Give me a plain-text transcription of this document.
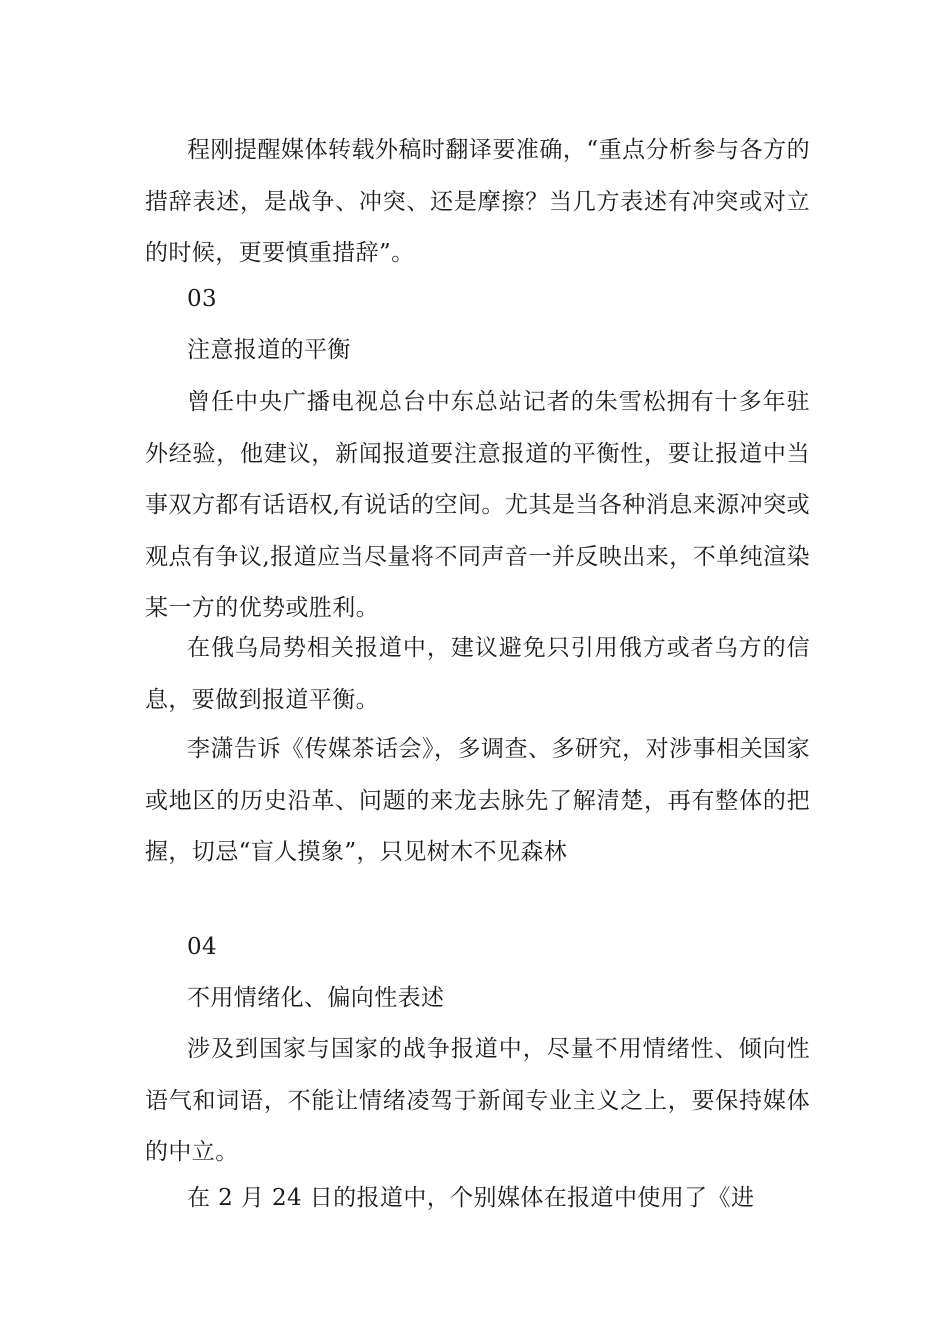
程刚提醒媒体转载外稿时翻译要准确，“重点分析参与各方的措辞表述，是战争、冲突、还是摩擦？当几方表述有冲突或对立的时候，更要慎重措辞”。

03

注意报道的平衡

曾任中央广播电视总台中东总站记者的朱雪松拥有十多年驻外经验，他建议，新闻报道要注意报道的平衡性，要让报道中当事双方都有话语权,有说话的空间。尤其是当各种消息来源冲突或观点有争议,报道应当尽量将不同声音一并反映出来，不单纯渲染某一方的优势或胜利。

在俄乌局势相关报道中，建议避免只引用俄方或者乌方的信息，要做到报道平衡。

李潇告诉《传媒茶话会》，多调查、多研究，对涉事相关国家或地区的历史沿革、问题的来龙去脉先了解清楚，再有整体的把握，切忌“盲人摸象”，只见树木不见森林

04

不用情绪化、偏向性表述

涉及到国家与国家的战争报道中，尽量不用情绪性、倾向性语气和词语，不能让情绪凌驾于新闻专业主义之上，要保持媒体的中立。

在 2 月 24 日的报道中，个别媒体在报道中使用了《进
